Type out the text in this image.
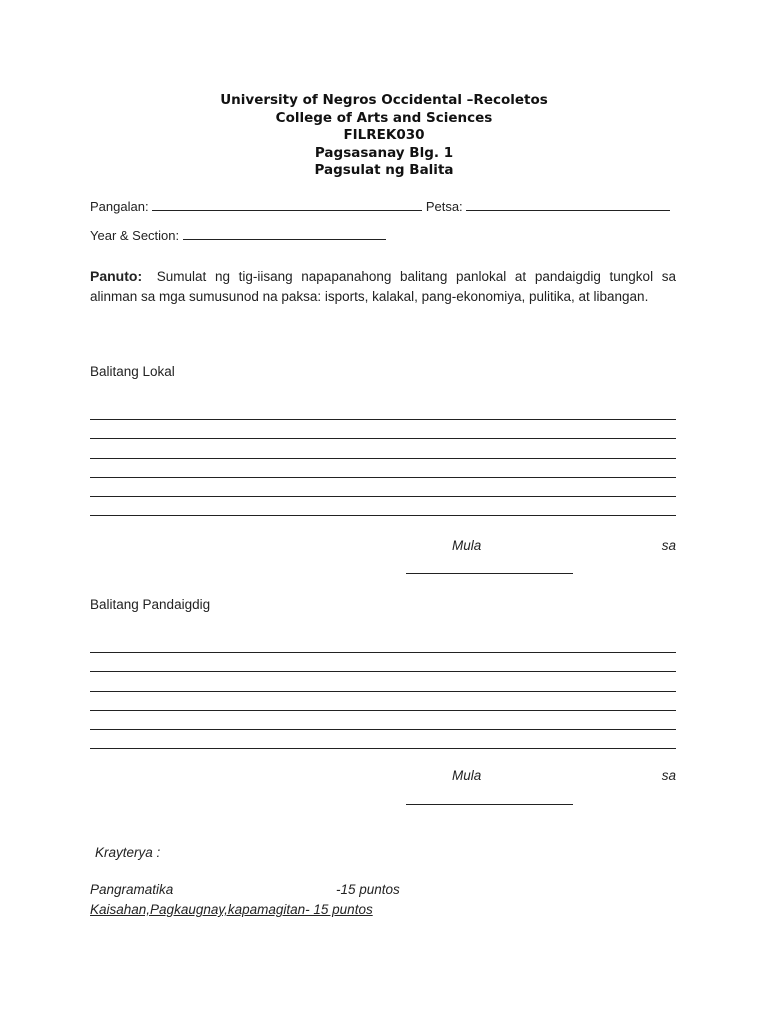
University of Negros Occidental –Recoletos
College of Arts and Sciences
FILREK030
Pagsasanay Blg. 1
Pagsulat ng Balita
Pangalan:	Petsa:
Year & Section:
Panuto: Sumulat ng tig-iisang napapanahong balitang panlokal at pandaigdig tungkol sa alinman sa mga sumusunod na paksa: isports, kalakal, pang-ekonomiya, pulitika, at libangan.
Balitang Lokal
Mula	sa
Balitang Pandaigdig
Mula	sa
Krayterya :
Pangramatika	-15 puntos
Kaisahan,Pagkaugnay,kapamagitan- 15 puntos
